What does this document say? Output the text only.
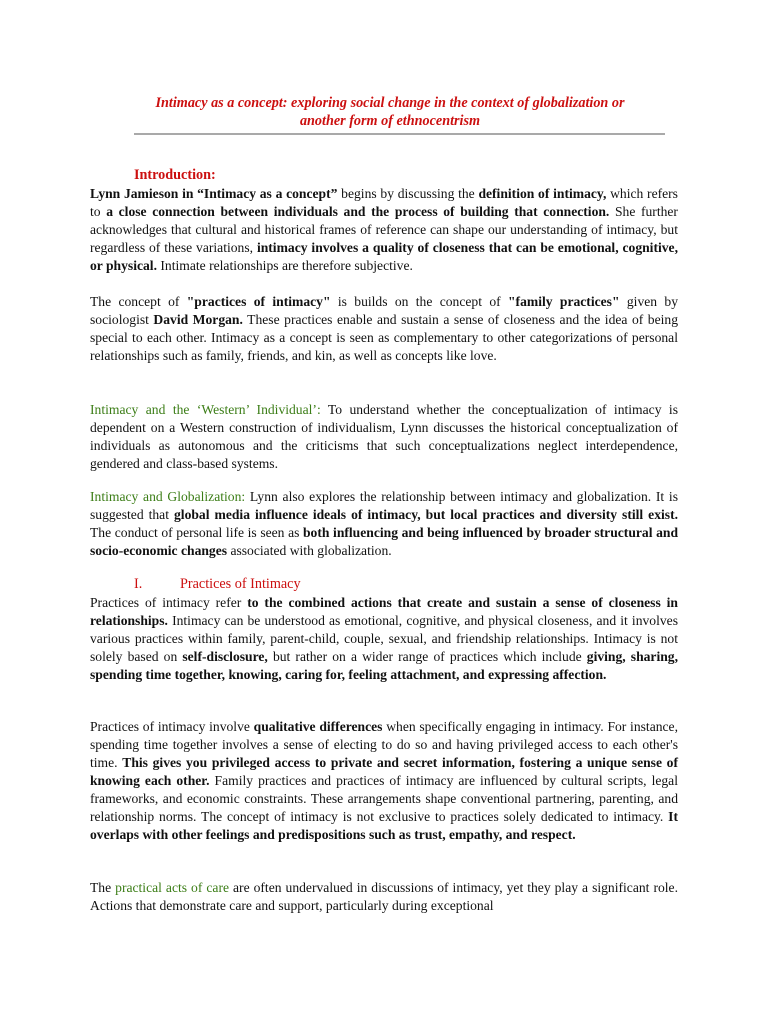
Intimacy as a concept: exploring social change in the context of globalization or
another form of ethnocentrism
Introduction:
Lynn Jamieson in “Intimacy as a concept” begins by discussing the definition of intimacy, which refers to a close connection between individuals and the process of building that connection. She further acknowledges that cultural and historical frames of reference can shape our understanding of intimacy, but regardless of these variations, intimacy involves a quality of closeness that can be emotional, cognitive, or physical. Intimate relationships are therefore subjective.
The concept of "practices of intimacy" is builds on the concept of "family practices" given by sociologist David Morgan. These practices enable and sustain a sense of closeness and the idea of being special to each other. Intimacy as a concept is seen as complementary to other categorizations of personal relationships such as family, friends, and kin, as well as concepts like love.
Intimacy and the ‘Western’ Individual’: To understand whether the conceptualization of intimacy is dependent on a Western construction of individualism, Lynn discusses the historical conceptualization of individuals as autonomous and the criticisms that such conceptualizations neglect interdependence, gendered and class-based systems.
Intimacy and Globalization: Lynn also explores the relationship between intimacy and globalization. It is suggested that global media influence ideals of intimacy, but local practices and diversity still exist. The conduct of personal life is seen as both influencing and being influenced by broader structural and socio-economic changes associated with globalization.
I.	Practices of Intimacy
Practices of intimacy refer to the combined actions that create and sustain a sense of closeness in relationships. Intimacy can be understood as emotional, cognitive, and physical closeness, and it involves various practices within family, parent-child, couple, sexual, and friendship relationships. Intimacy is not solely based on self-disclosure, but rather on a wider range of practices which include giving, sharing, spending time together, knowing, caring for, feeling attachment, and expressing affection.
Practices of intimacy involve qualitative differences when specifically engaging in intimacy. For instance, spending time together involves a sense of electing to do so and having privileged access to each other's time. This gives you privileged access to private and secret information, fostering a unique sense of knowing each other. Family practices and practices of intimacy are influenced by cultural scripts, legal frameworks, and economic constraints. These arrangements shape conventional partnering, parenting, and relationship norms. The concept of intimacy is not exclusive to practices solely dedicated to intimacy. It overlaps with other feelings and predispositions such as trust, empathy, and respect.
The practical acts of care are often undervalued in discussions of intimacy, yet they play a significant role. Actions that demonstrate care and support, particularly during exceptional
